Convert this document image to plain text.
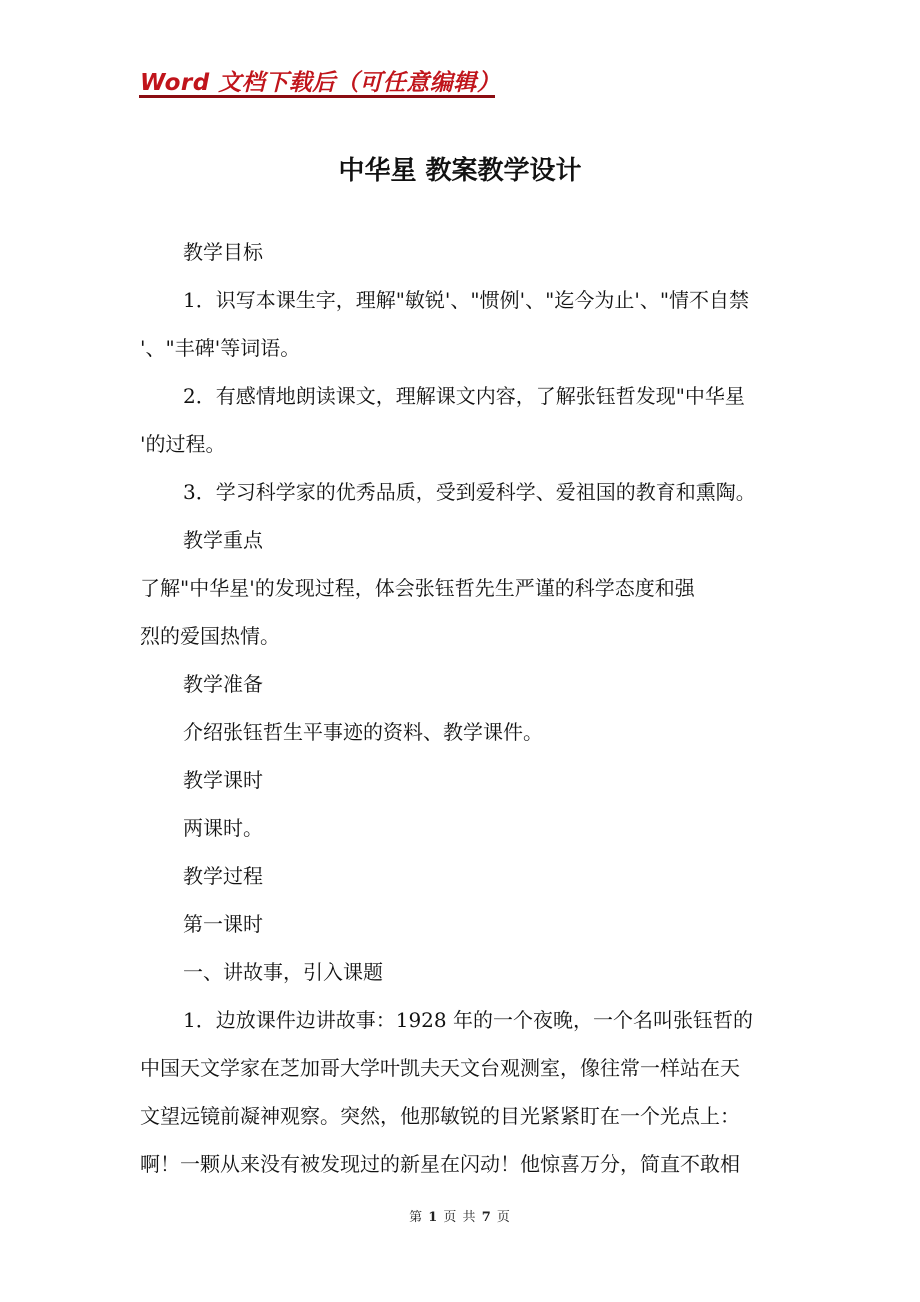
Word 文档下载后（可任意编辑）
中华星 教案教学设计

教学目标

1．识写本课生字，理解"敏锐'、"惯例'、"迄今为止'、"情不自禁

'、"丰碑'等词语。

2．有感情地朗读课文，理解课文内容，了解张钰哲发现"中华星

'的过程。

3．学习科学家的优秀品质，受到爱科学、爱祖国的教育和熏陶。

教学重点

了解"中华星'的发现过程，体会张钰哲先生严谨的科学态度和强

烈的爱国热情。

教学准备

介绍张钰哲生平事迹的资料、教学课件。

教学课时

两课时。

教学过程

第一课时

一、讲故事，引入课题

1．边放课件边讲故事：1928 年的一个夜晚，一个名叫张钰哲的

中国天文学家在芝加哥大学叶凯夫天文台观测室，像往常一样站在天

文望远镜前凝神观察。突然，他那敏锐的目光紧紧盯在一个光点上：

啊！一颗从来没有被发现过的新星在闪动！他惊喜万分，简直不敢相

第 1 页 共 7 页
